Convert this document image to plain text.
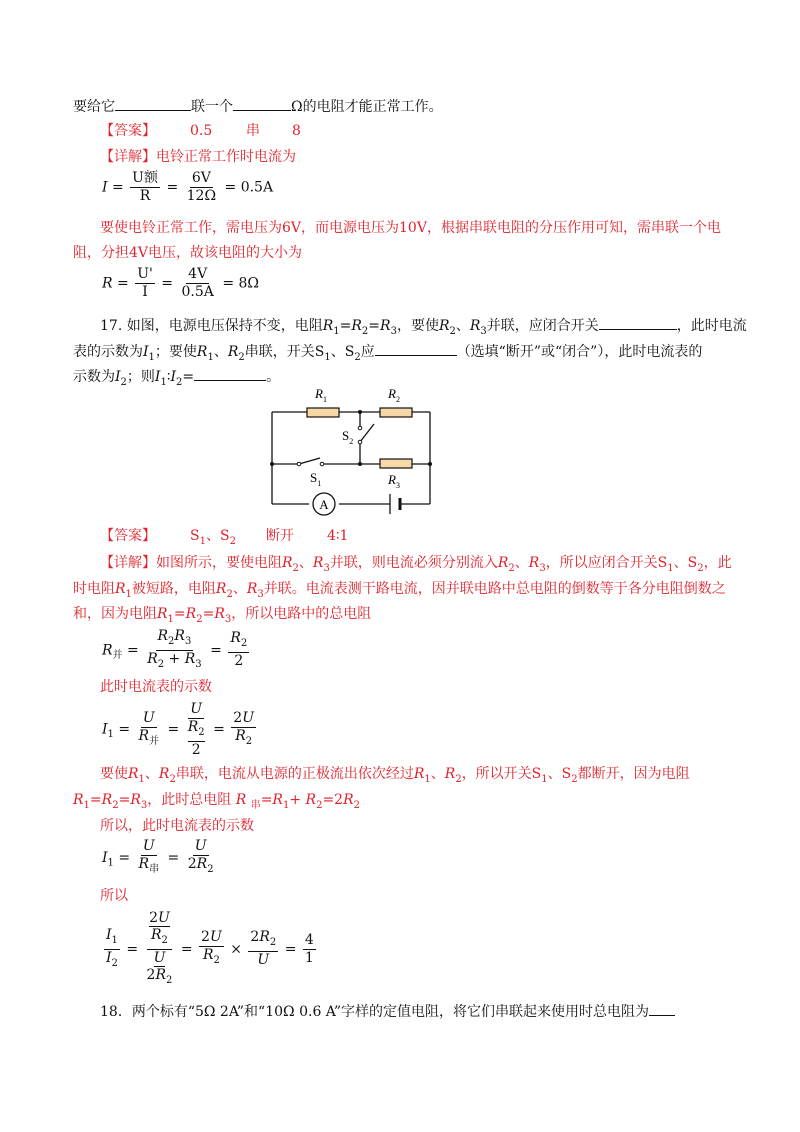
要给它	联一个	Ω的电阻才能正常工作。
【答案】 0.5 串 8
【详解】电铃正常工作时电流为
$I = \frac{\text{U额}}{R} = \frac{6V}{12\Omega} = 0.5A$
要使电铃正常工作，需电压为6V，而电源电压为10V，根据串联电阻的分压作用可知，需串联一个电
阻，分担4V电压，故该电阻的大小为
$R = \frac{U'}{I} = \frac{4V}{0.5A} = 8\Omega$
17. 如图，电源电压保持不变，电阻$R_1=R_2=R_3$，要使$R_2$、$R_3$并联，应闭合开关	，此时电流
表的示数为$I_1$；要使$R_1$、$R_2$串联，开关$S_1$、$S_2$应	（选填“断开”或“闭合”），此时电流表的
示数为$I_2$；则$I_1∶I_2=$	。
A
$R_1$	$R_2$
$R_3$
$S_2$
$S_1$
【答案】 $S_1$、$S_2$ 断开 4∶1
【详解】如图所示，要使电阻$R_2$、$R_3$并联，则电流必须分别流入$R_2$、$R_3$，所以应闭合开关$S_1$、$S_2$，此
时电阻$R_1$被短路，电阻$R_2$、$R_3$并联。电流表测干路电流，因并联电路中总电阻的倒数等于各分电阻倒数之
和，因为电阻$R_1=R_2=R_3$，所以电路中的总电阻
$R_并 = \frac{R_2R_3}{R_2 + R_3} = \frac{R_2}{2}$
此时电流表的示数
$I_1 = \frac{U}{R_并} = U$
$R_2$
$2 = \frac{2U}{R_2}$
要使$R_1$、$R_2$串联，电流从电源的正极流出依次经过$R_1$、$R_2$，所以开关$S_1$、$S_2$都断开，因为电阻
$R_1=R_2=R_3$，此时总电阻 R $_串=R_1+ R_2=2R_2$
所以，此时电流表的示数
$I_1 = \frac{U}{R_串} = \frac{U}{2R_2}$
所以
$\frac{I_1}{I_2} = 2U$
$R_2$
U
$2R_2 = \frac{2U}{R_2} \times \frac{2R_2}{U} = \frac{4}{1}$
18．两个标有“5Ω 2A”和“10Ω 0.6 A”字样的定值电阻，将它们串联起来使用时总电阻为
